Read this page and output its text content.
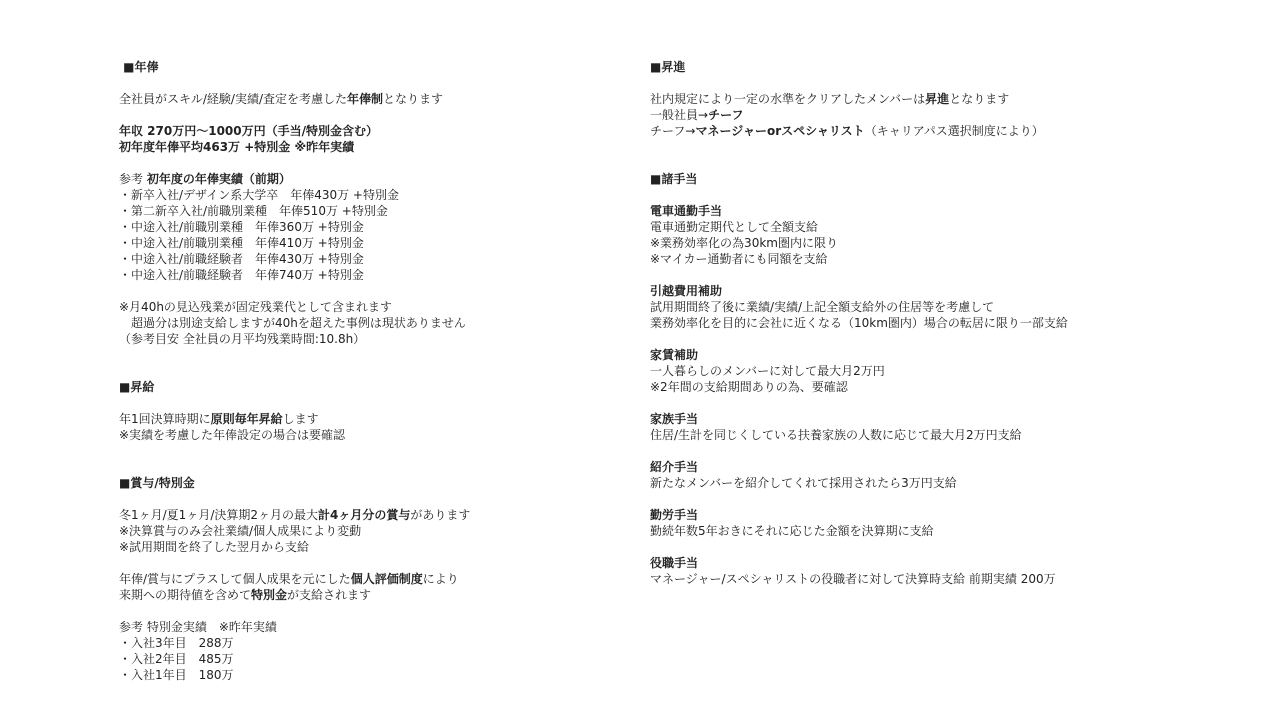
■年俸
全社員がスキル/経験/実績/査定を考慮した年俸制となります
年収 270万円～1000万円（手当/特別金含む）
初年度年俸平均463万 +特別金 ※昨年実績
参考 初年度の年俸実績（前期）
・新卒入社/デザイン系大学卒　年俸430万 +特別金
・第二新卒入社/前職別業種　年俸510万 +特別金
・中途入社/前職別業種　年俸360万 +特別金
・中途入社/前職別業種　年俸410万 +特別金
・中途入社/前職経験者　年俸430万 +特別金
・中途入社/前職経験者　年俸740万 +特別金
※月40hの見込残業が固定残業代として含まれます
　超過分は別途支給しますが40hを超えた事例は現状ありません
（参考目安 全社員の月平均残業時間:10.8h）
■昇給
年1回決算時期に原則毎年昇給します
※実績を考慮した年俸設定の場合は要確認
■賞与/特別金
冬1ヶ月/夏1ヶ月/決算期2ヶ月の最大計4ヶ月分の賞与があります
※決算賞与のみ会社業績/個人成果により変動
※試用期間を終了した翌月から支給
年俸/賞与にプラスして個人成果を元にした個人評価制度により
来期への期待値を含めて特別金が支給されます
参考 特別金実績　※昨年実績
・入社3年目　288万
・入社2年目　485万
・入社1年目　180万
■昇進
社内規定により一定の水準をクリアしたメンバーは昇進となります
一般社員→チーフ
チーフ→マネージャーorスペシャリスト（キャリアパス選択制度により）
■諸手当
電車通勤手当
電車通勤定期代として全額支給
※業務効率化の為30km圏内に限り
※マイカー通勤者にも同額を支給
引越費用補助
試用期間終了後に業績/実績/上記全額支給外の住居等を考慮して
業務効率化を目的に会社に近くなる（10km圏内）場合の転居に限り一部支給
家賃補助
一人暮らしのメンバーに対して最大月2万円
※2年間の支給期間ありの為、要確認
家族手当
住居/生計を同じくしている扶養家族の人数に応じて最大月2万円支給
紹介手当
新たなメンバーを紹介してくれて採用されたら3万円支給
勤労手当
勤続年数5年おきにそれに応じた金額を決算期に支給
役職手当
マネージャー/スペシャリストの役職者に対して決算時支給 前期実績 200万
